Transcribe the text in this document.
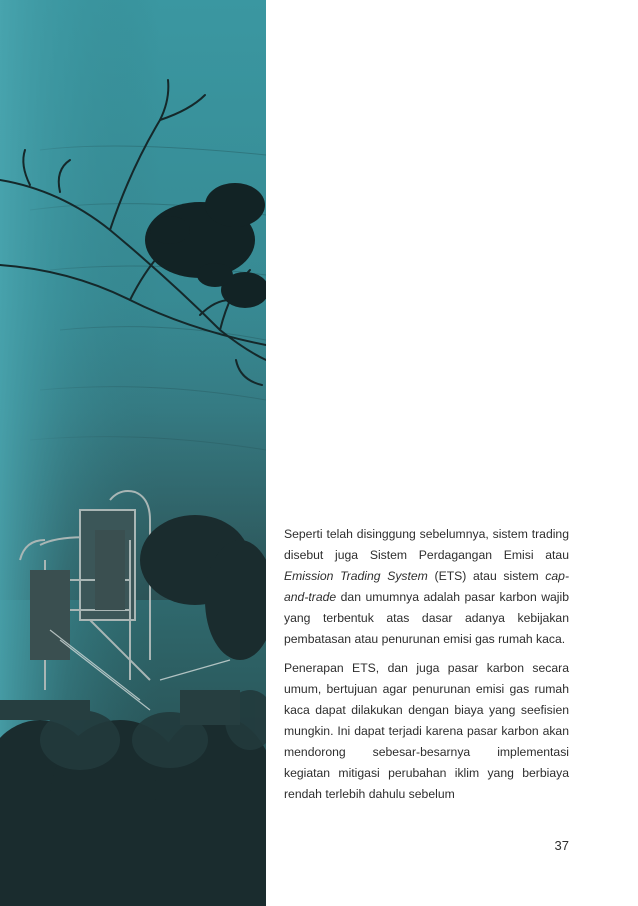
Seperti telah disinggung sebelumnya, sistem trading disebut juga Sistem Perdagangan Emisi atau Emission Trading System (ETS) atau sistem cap-and-trade dan umumnya adalah pasar karbon wajib yang terbentuk atas dasar adanya kebijakan pembatasan atau penurunan emisi gas rumah kaca.

Penerapan ETS, dan juga pasar karbon secara umum, bertujuan agar penurunan emisi gas rumah kaca dapat dilakukan dengan biaya yang seefisien mungkin. Ini dapat terjadi karena pasar karbon akan mendorong sebesar-besarnya implementasi kegiatan mitigasi perubahan iklim yang berbiaya rendah terlebih dahulu sebelum

37
